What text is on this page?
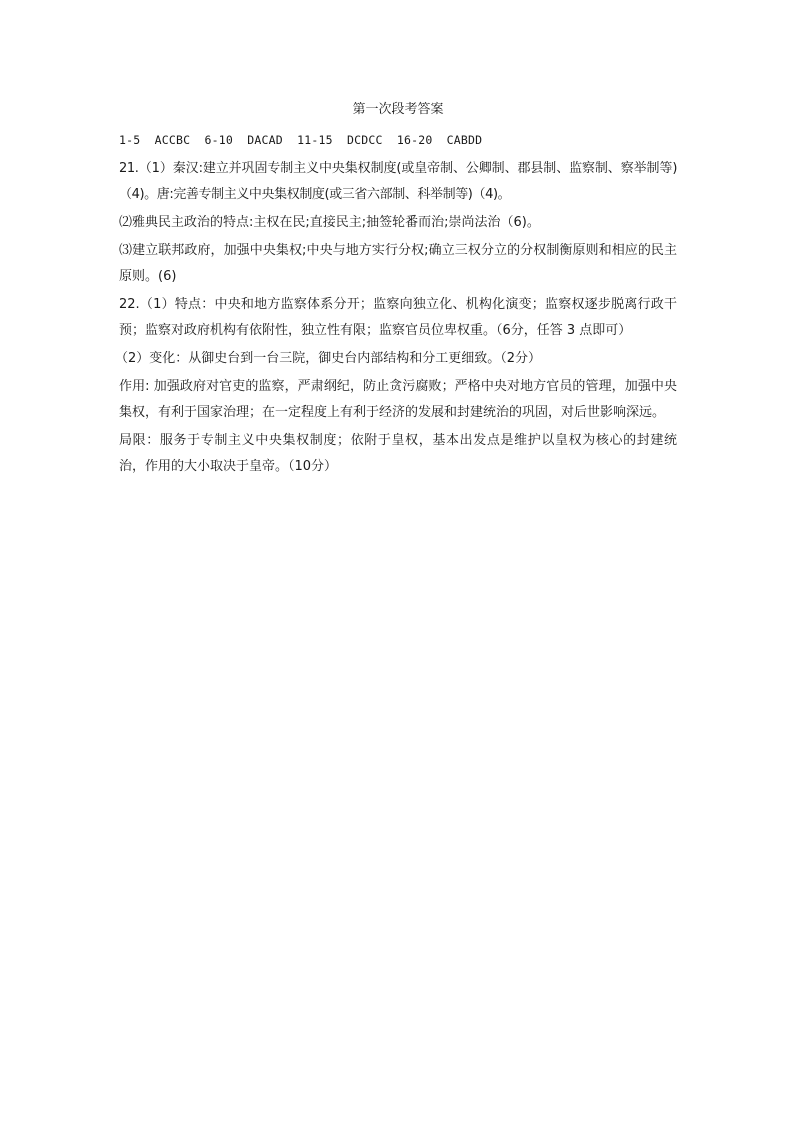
第一次段考答案
1-5  ACCBC  6-10  DACAD  11-15  DCDCC  16-20  CABDD
21.（1）秦汉:建立并巩固专制主义中央集权制度(或皇帝制、公卿制、郡县制、监察制、察举制等)（4)。唐:完善专制主义中央集权制度(或三省六部制、科举制等)（4)。
⑵雅典民主政治的特点:主权在民;直接民主;抽签轮番而治;崇尚法治（6)。
⑶建立联邦政府，加强中央集权;中央与地方实行分权;确立三权分立的分权制衡原则和相应的民主原则。(6)
22.（1）特点：中央和地方监察体系分开；监察向独立化、机构化演变；监察权逐步脱离行政干预；监察对政府机构有依附性，独立性有限；监察官员位卑权重。（6分，任答 3 点即可）
（2）变化：从御史台到一台三院，御史台内部结构和分工更细致。（2分）
作用: 加强政府对官吏的监察，严肃纲纪，防止贪污腐败；严格中央对地方官员的管理，加强中央集权，有利于国家治理；在一定程度上有利于经济的发展和封建统治的巩固，对后世影响深远。
局限：服务于专制主义中央集权制度；依附于皇权，基本出发点是维护以皇权为核心的封建统治，作用的大小取决于皇帝。（10分）
